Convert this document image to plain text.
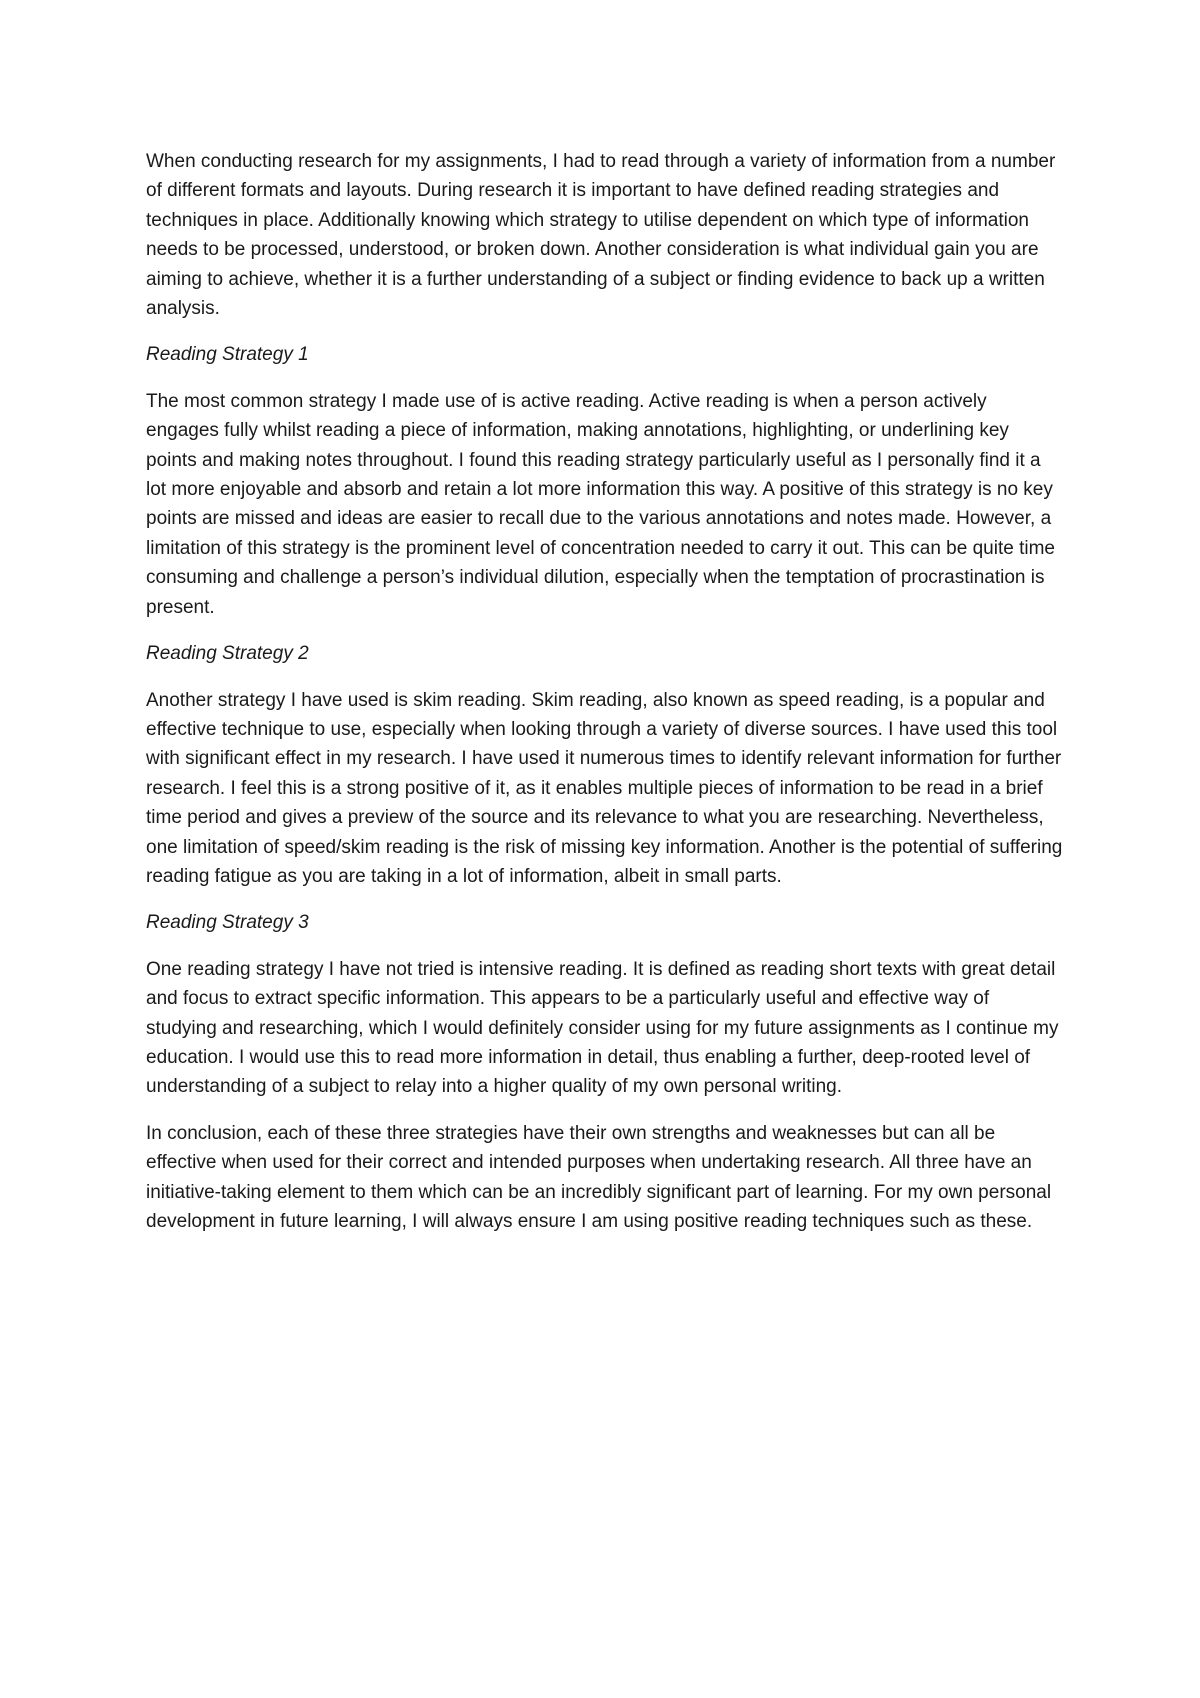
When conducting research for my assignments, I had to read through a variety of information from a number of different formats and layouts. During research it is important to have defined reading strategies and techniques in place. Additionally knowing which strategy to utilise dependent on which type of information needs to be processed, understood, or broken down. Another consideration is what individual gain you are aiming to achieve, whether it is a further understanding of a subject or finding evidence to back up a written analysis.

Reading Strategy 1

The most common strategy I made use of is active reading. Active reading is when a person actively engages fully whilst reading a piece of information, making annotations, highlighting, or underlining key points and making notes throughout. I found this reading strategy particularly useful as I personally find it a lot more enjoyable and absorb and retain a lot more information this way. A positive of this strategy is no key points are missed and ideas are easier to recall due to the various annotations and notes made. However, a limitation of this strategy is the prominent level of concentration needed to carry it out. This can be quite time consuming and challenge a person’s individual dilution, especially when the temptation of procrastination is present.

Reading Strategy 2

Another strategy I have used is skim reading. Skim reading, also known as speed reading, is a popular and effective technique to use, especially when looking through a variety of diverse sources. I have used this tool with significant effect in my research. I have used it numerous times to identify relevant information for further research. I feel this is a strong positive of it, as it enables multiple pieces of information to be read in a brief time period and gives a preview of the source and its relevance to what you are researching. Nevertheless, one limitation of speed/skim reading is the risk of missing key information. Another is the potential of suffering reading fatigue as you are taking in a lot of information, albeit in small parts.

Reading Strategy 3

One reading strategy I have not tried is intensive reading. It is defined as reading short texts with great detail and focus to extract specific information. This appears to be a particularly useful and effective way of studying and researching, which I would definitely consider using for my future assignments as I continue my education. I would use this to read more information in detail, thus enabling a further, deep-rooted level of understanding of a subject to relay into a higher quality of my own personal writing.

In conclusion, each of these three strategies have their own strengths and weaknesses but can all be effective when used for their correct and intended purposes when undertaking research. All three have an initiative-taking element to them which can be an incredibly significant part of learning. For my own personal development in future learning, I will always ensure I am using positive reading techniques such as these.
